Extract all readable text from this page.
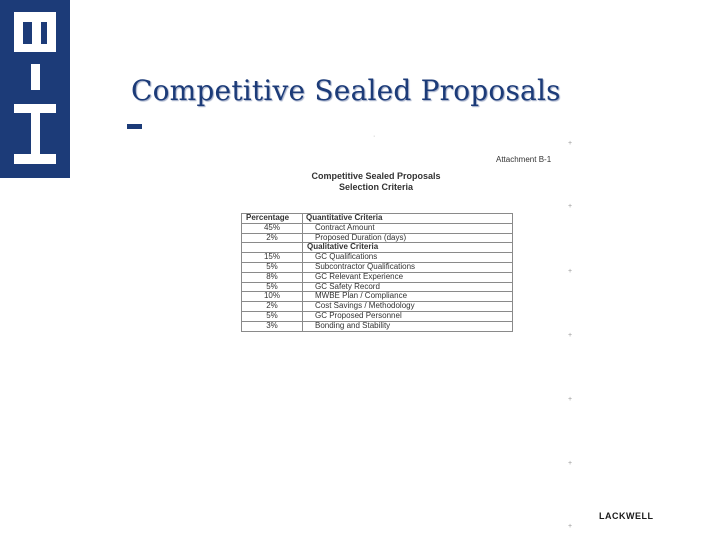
Competitive Sealed Proposals
·
+
+
+
+
+
+
+
Attachment B-1
Competitive Sealed Proposals
Selection Criteria
Percentage	Quantitative Criteria
45%	Contract Amount
2%	Proposed Duration (days)
	Qualitative Criteria
15%	GC Qualifications
5%	Subcontractor Qualifications
8%	GC Relevant Experience
5%	GC Safety Record
10%	MWBE Plan / Compliance
2%	Cost Savings / Methodology
5%	GC Proposed Personnel
3%	Bonding and Stability
LACKWELL
